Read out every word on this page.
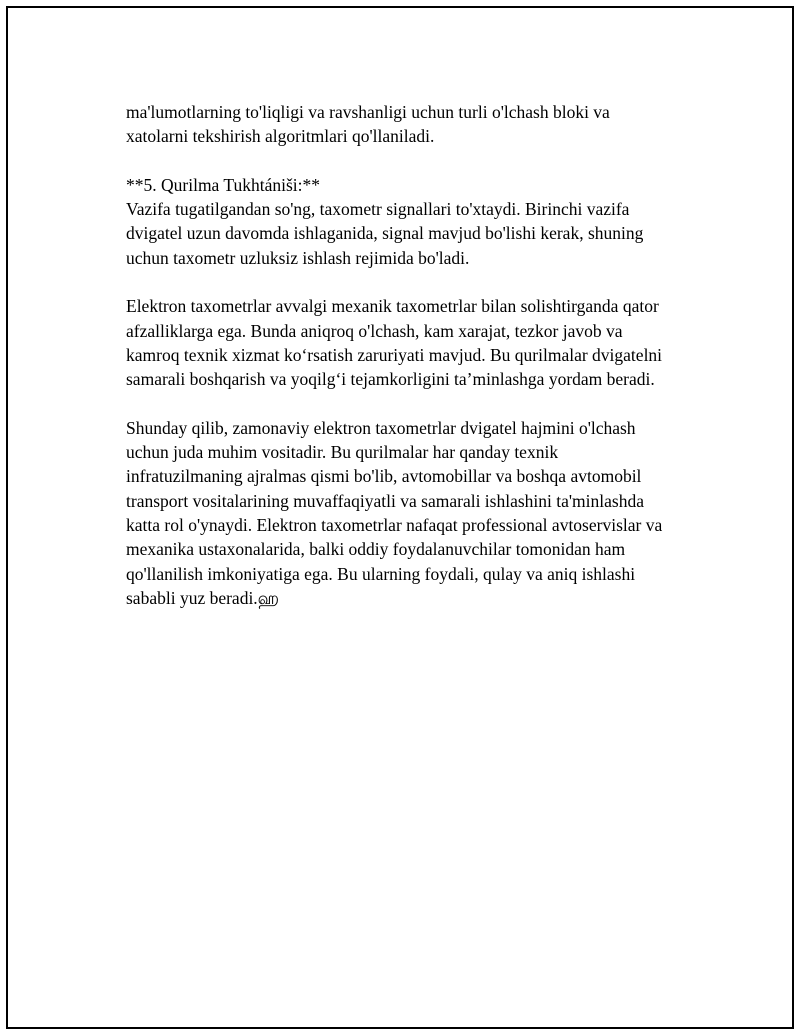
ma'lumotlarning to'liqligi va ravshanligi uchun turli o'lchash bloki va
xatolarni tekshirish algoritmlari qo'llaniladi.

**5. Qurilma Tukhtániši:**
Vazifa tugatilgandan so'ng, taxometr signallari to'xtaydi. Birinchi vazifa
dvigatel uzun davomda ishlaganida, signal mavjud bo'lishi kerak, shuning
uchun taxometr uzluksiz ishlash rejimida bo'ladi.

Elektron taxometrlar avvalgi mexanik taxometrlar bilan solishtirganda qator
afzalliklarga ega. Bunda aniqroq o'lchash, kam xarajat, tezkor javob va
kamroq texnik xizmat ko‘rsatish zaruriyati mavjud. Bu qurilmalar dvigatelni
samarali boshqarish va yoqilg‘i tejamkorligini ta’minlashga yordam beradi.

Shunday qilib, zamonaviy elektron taxometrlar dvigatel hajmini o'lchash
uchun juda muhim vositadir. Bu qurilmalar har qanday texnik
infratuzilmaning ajralmas qismi bo'lib, avtomobillar va boshqa avtomobil
transport vositalarining muvaffaqiyatli va samarali ishlashini ta'minlashda
katta rol o'ynaydi. Elektron taxometrlar nafaqat professional avtoservislar va
mexanika ustaxonalarida, balki oddiy foydalanuvchilar tomonidan ham
qo'llanilish imkoniyatiga ega. Bu ularning foydali, qulay va aniq ishlashi
sababli yuz beradi.ஹ
